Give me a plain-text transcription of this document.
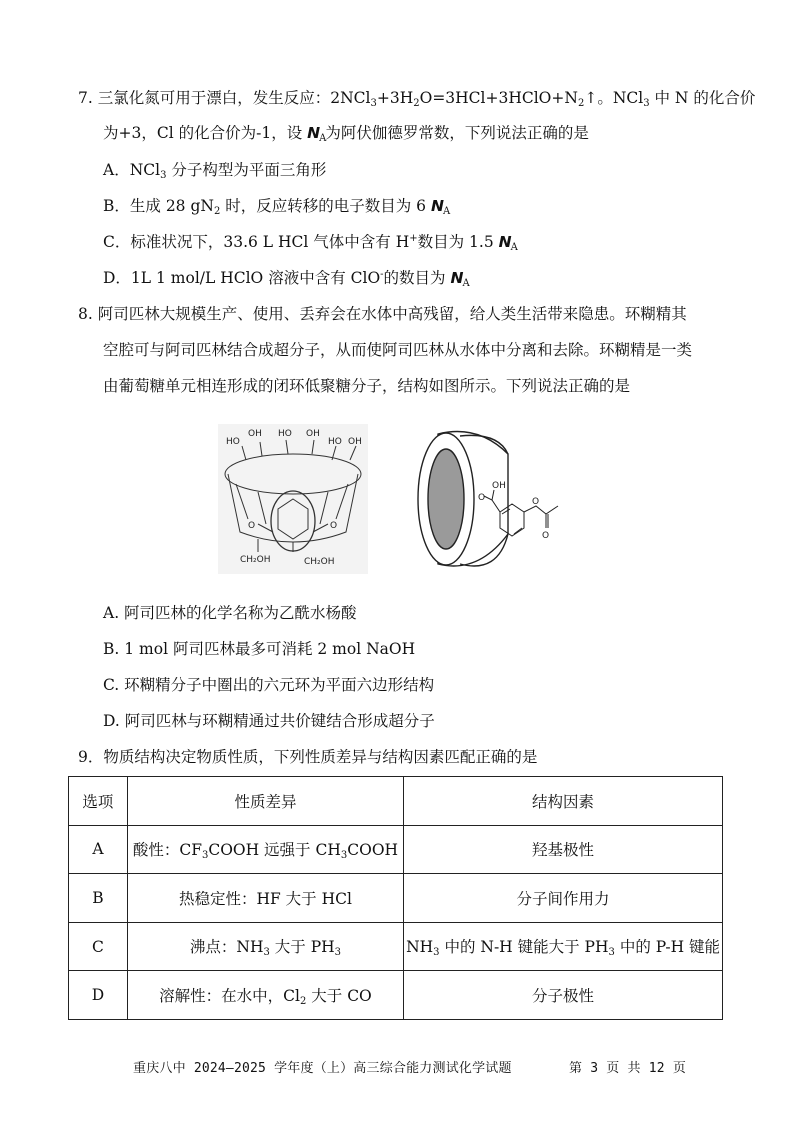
7. 三氯化氮可用于漂白，发生反应：$2NCl_3+3H_2O=3HCl+3HClO+N_2↑$。NCl$_3$ 中 N 的化合价
为+3，Cl 的化合价为-1，设 $N_A$为阿伏伽德罗常数，下列说法正确的是
A．NCl$_3$ 分子构型为平面三角形
B．生成 28 $gN_2$ 时，反应转移的电子数目为 6 $N_A$
C．标准状况下，33.6 L HCl 气体中含有 H+数目为 1.5 $N_A$
D．1L 1 mol/L HClO 溶液中含有 ClO-的数目为 $N_A$
8. 阿司匹林大规模生产、使用、丢弃会在水体中高残留，给人类生活带来隐患。环糊精其
空腔可与阿司匹林结合成超分子，从而使阿司匹林从水体中分离和去除。环糊精是一类
由葡萄糖单元相连形成的闭环低聚糖分子，结构如图所示。下列说法正确的是
HO
OH HO OH
HO OH
CH₂OH	CH₂OH
O	O
O
OH
O
O
A. 阿司匹林的化学名称为乙酰水杨酸
B. 1 mol 阿司匹林最多可消耗 2 mol NaOH
C. 环糊精分子中圈出的六元环为平面六边形结构
D. 阿司匹林与环糊精通过共价键结合形成超分子
9．物质结构决定物质性质，下列性质差异与结构因素匹配正确的是
选项	性质差异	结构因素
A	酸性：$CF_3COOH$ 远强于 $CH_3COOH$	羟基极性
B	热稳定性：HF 大于 HCl	分子间作用力
C	沸点：$NH_3$ 大于 $PH_3$	$NH_3$ 中的 N-H 键能大于 $PH_3$ 中的 P-H 键能
D	溶解性：在水中，$Cl_2$ 大于 CO	分子极性
重庆八中 2024—2025 学年度（上）高三综合能力测试化学试题	第 3 页 共 12 页
